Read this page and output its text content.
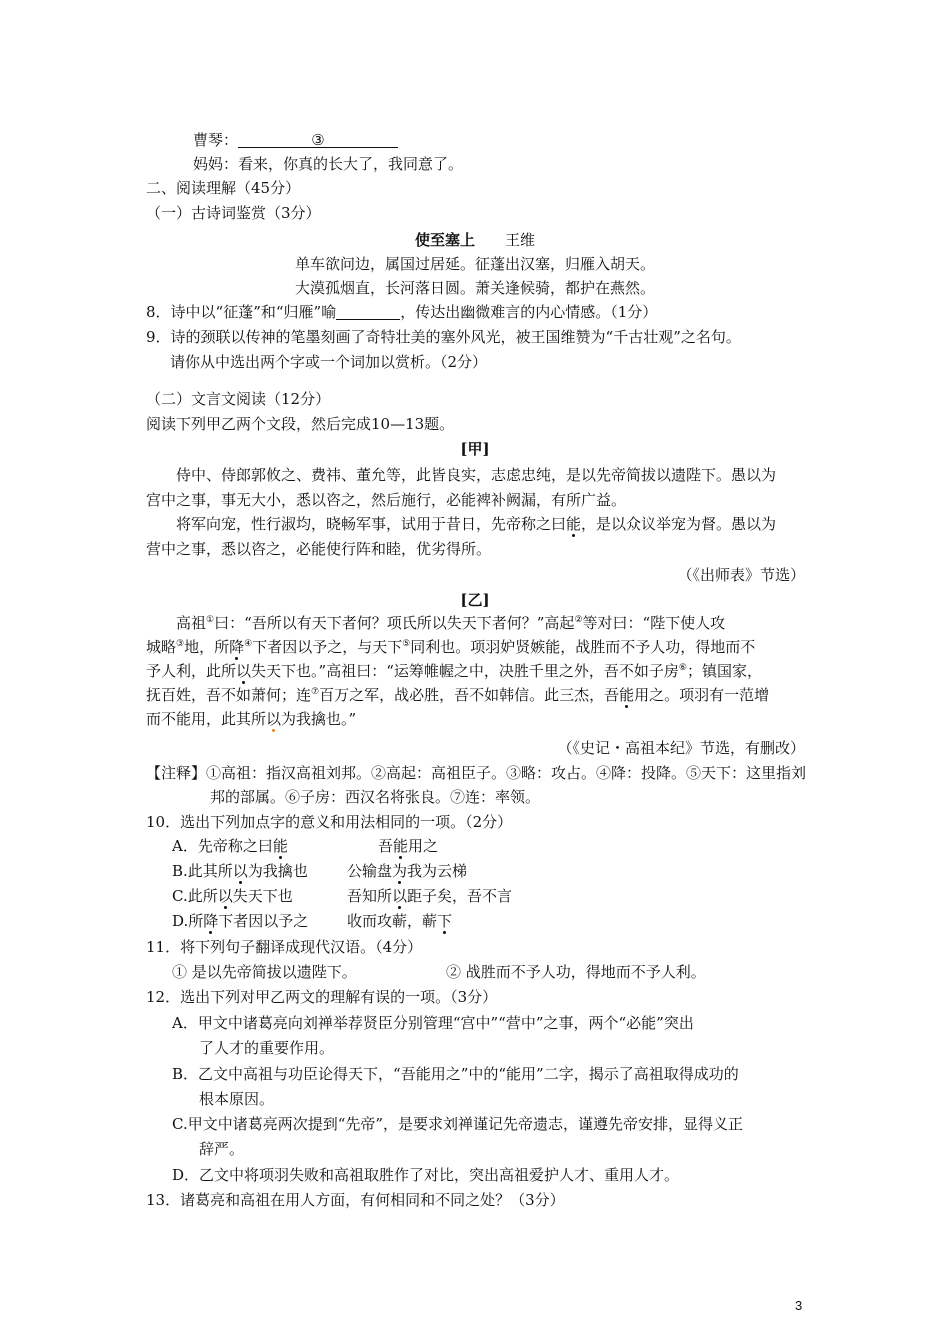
曹琴：	③
妈妈：看来，你真的长大了，我同意了。
二、阅读理解（45分）
（一）古诗词鉴赏（3分）
使至塞上 王维
单车欲问边，属国过居延。征蓬出汉塞，归雁入胡天。
大漠孤烟直，长河落日圆。萧关逢候骑，都护在燕然。
8．诗中以“征蓬”和“归雁”喻	，传达出幽微难言的内心情感。（1分）
9．诗的颈联以传神的笔墨刻画了奇特壮美的塞外风光，被王国维赞为“千古壮观”之名句。
请你从中选出两个字或一个词加以赏析。（2分）
（二）文言文阅读（12分）
阅读下列甲乙两个文段，然后完成10—13题。
[甲]
侍中、侍郎郭攸之、费祎、董允等，此皆良实，志虑忠纯，是以先帝简拔以遗陛下。愚以为
宫中之事，事无大小，悉以咨之，然后施行，必能裨补阙漏，有所广益。
将军向宠，性行淑均，晓畅军事，试用于昔日，先帝称之曰能，是以众议举宠为督。愚以为
营中之事，悉以咨之，必能使行阵和睦，优劣得所。
（《出师表》节选）
[乙]
高祖①曰：“吾所以有天下者何？项氏所以失天下者何？”高起②等对曰：“陛下使人攻
城略③地，所降④下者因以予之，与天下⑤同利也。项羽妒贤嫉能，战胜而不予人功，得地而不
予人利，此所以失天下也。”高祖曰：“运筹帷幄之中，决胜千里之外，吾不如子房⑥；镇国家，
抚百姓，吾不如萧何；连⑦百万之军，战必胜，吾不如韩信。此三杰，吾能用之。项羽有一范增
而不能用，此其所以为我擒也。”
（《史记・高祖本纪》节选，有删改）
【注释】①高祖：指汉高祖刘邦。②高起：高祖臣子。③略：攻占。④降：投降。⑤天下：这里指刘
邦的部属。⑥子房：西汉名将张良。⑦连：率领。
10．选出下列加点字的意义和用法相同的一项。（2分）
A．先帝称之曰能	吾能用之
B.此其所以为我擒也	公输盘为我为云梯
C.此所以失天下也	吾知所以距子矣，吾不言
D.所降下者因以予之	收而攻蕲，蕲下
11．将下列句子翻译成现代汉语。（4分）
① 是以先帝简拔以遗陛下。	② 战胜而不予人功，得地而不予人利。
12．选出下列对甲乙两文的理解有误的一项。（3分）
A．甲文中诸葛亮向刘禅举荐贤臣分别管理“宫中”“营中”之事，两个“必能”突出
了人才的重要作用。
B．乙文中高祖与功臣论得天下，“吾能用之”中的“能用”二字，揭示了高祖取得成功的
根本原因。
C.甲文中诸葛亮两次提到“先帝”，是要求刘禅谨记先帝遗志，谨遵先帝安排，显得义正
辞严。
D．乙文中将项羽失败和高祖取胜作了对比，突出高祖爱护人才、重用人才。
13．诸葛亮和高祖在用人方面，有何相同和不同之处？（3分）
3
